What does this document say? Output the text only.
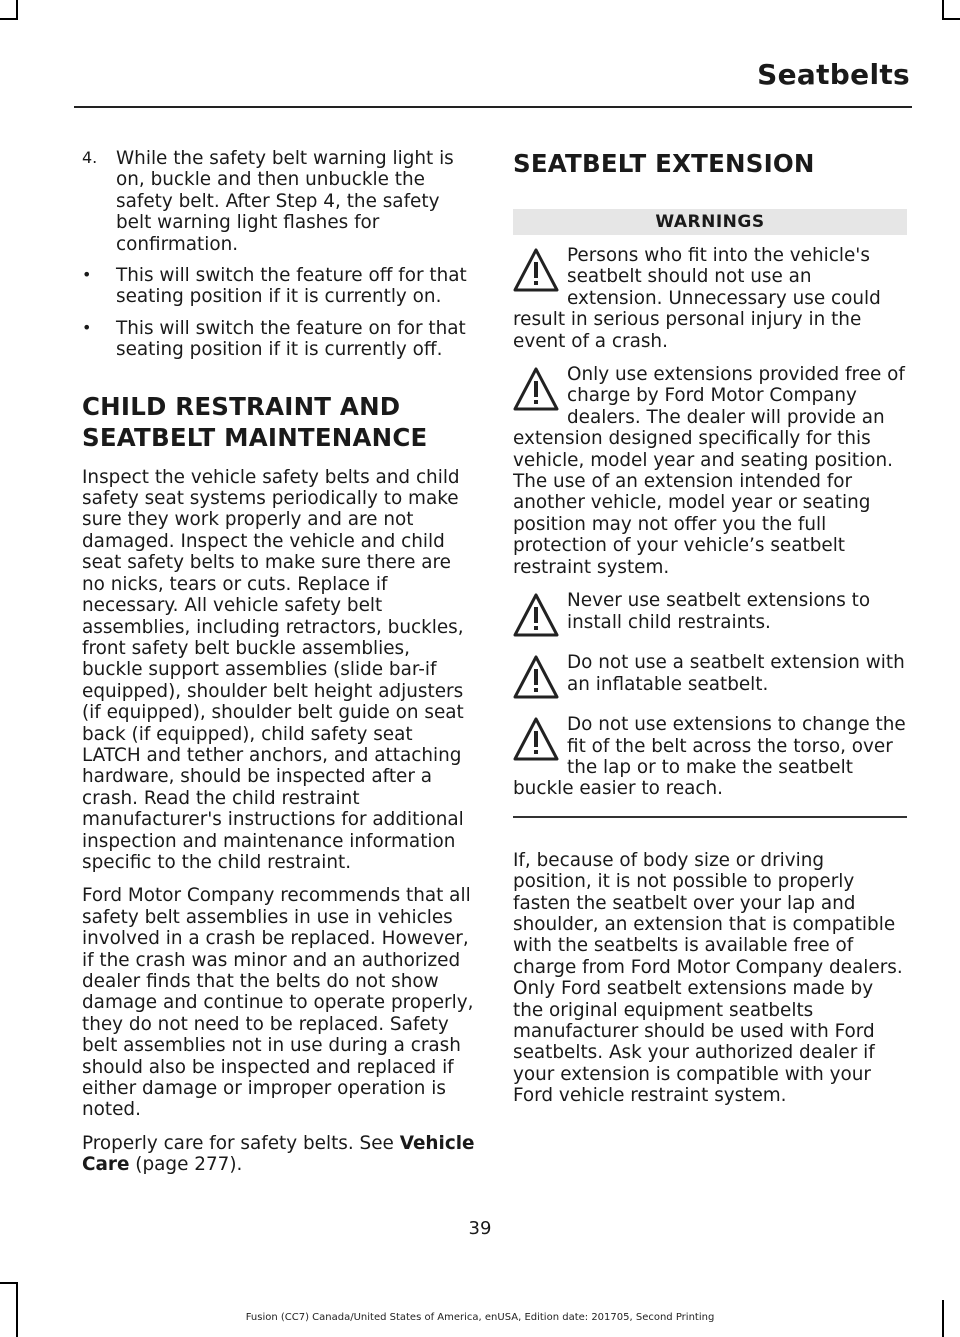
Seatbelts
4.	While the safety belt warning light is on, buckle and then unbuckle the safety belt. After Step 4, the safety belt warning light flashes for confirmation.

•	This will switch the feature off for that seating position if it is currently on.

•	This will switch the feature on for that seating position if it is currently off.

CHILD RESTRAINT AND
SEATBELT MAINTENANCE

Inspect the vehicle safety belts and child safety seat systems periodically to make sure they work properly and are not damaged. Inspect the vehicle and child seat safety belts to make sure there are no nicks, tears or cuts. Replace if necessary. All vehicle safety belt assemblies, including retractors, buckles, front safety belt buckle assemblies, buckle support assemblies (slide bar-if equipped), shoulder belt height adjusters (if equipped), shoulder belt guide on seat back (if equipped), child safety seat LATCH and tether anchors, and attaching hardware, should be inspected after a crash. Read the child restraint manufacturer's instructions for additional inspection and maintenance information specific to the child restraint.

Ford Motor Company recommends that all safety belt assemblies in use in vehicles involved in a crash be replaced. However, if the crash was minor and an authorized dealer finds that the belts do not show damage and continue to operate properly, they do not need to be replaced. Safety belt assemblies not in use during a crash should also be inspected and replaced if either damage or improper operation is noted.

Properly care for safety belts. See Vehicle Care (page 277).

SEATBELT EXTENSION
WARNINGS

Persons who fit into the vehicle's seatbelt should not use an extension. Unnecessary use could result in serious personal injury in the event of a crash.

Only use extensions provided free of charge by Ford Motor Company dealers. The dealer will provide an extension designed specifically for this vehicle, model year and seating position. The use of an extension intended for another vehicle, model year or seating position may not offer you the full protection of your vehicle’s seatbelt restraint system.

Never use seatbelt extensions to install child restraints.

Do not use a seatbelt extension with an inflatable seatbelt.

Do not use extensions to change the fit of the belt across the torso, over the lap or to make the seatbelt buckle easier to reach.

If, because of body size or driving position, it is not possible to properly fasten the seatbelt over your lap and shoulder, an extension that is compatible with the seatbelts is available free of charge from Ford Motor Company dealers. Only Ford seatbelt extensions made by the original equipment seatbelts manufacturer should be used with Ford seatbelts. Ask your authorized dealer if your extension is compatible with your Ford vehicle restraint system.

39
Fusion (CC7) Canada/United States of America, enUSA, Edition date: 201705, Second Printing
